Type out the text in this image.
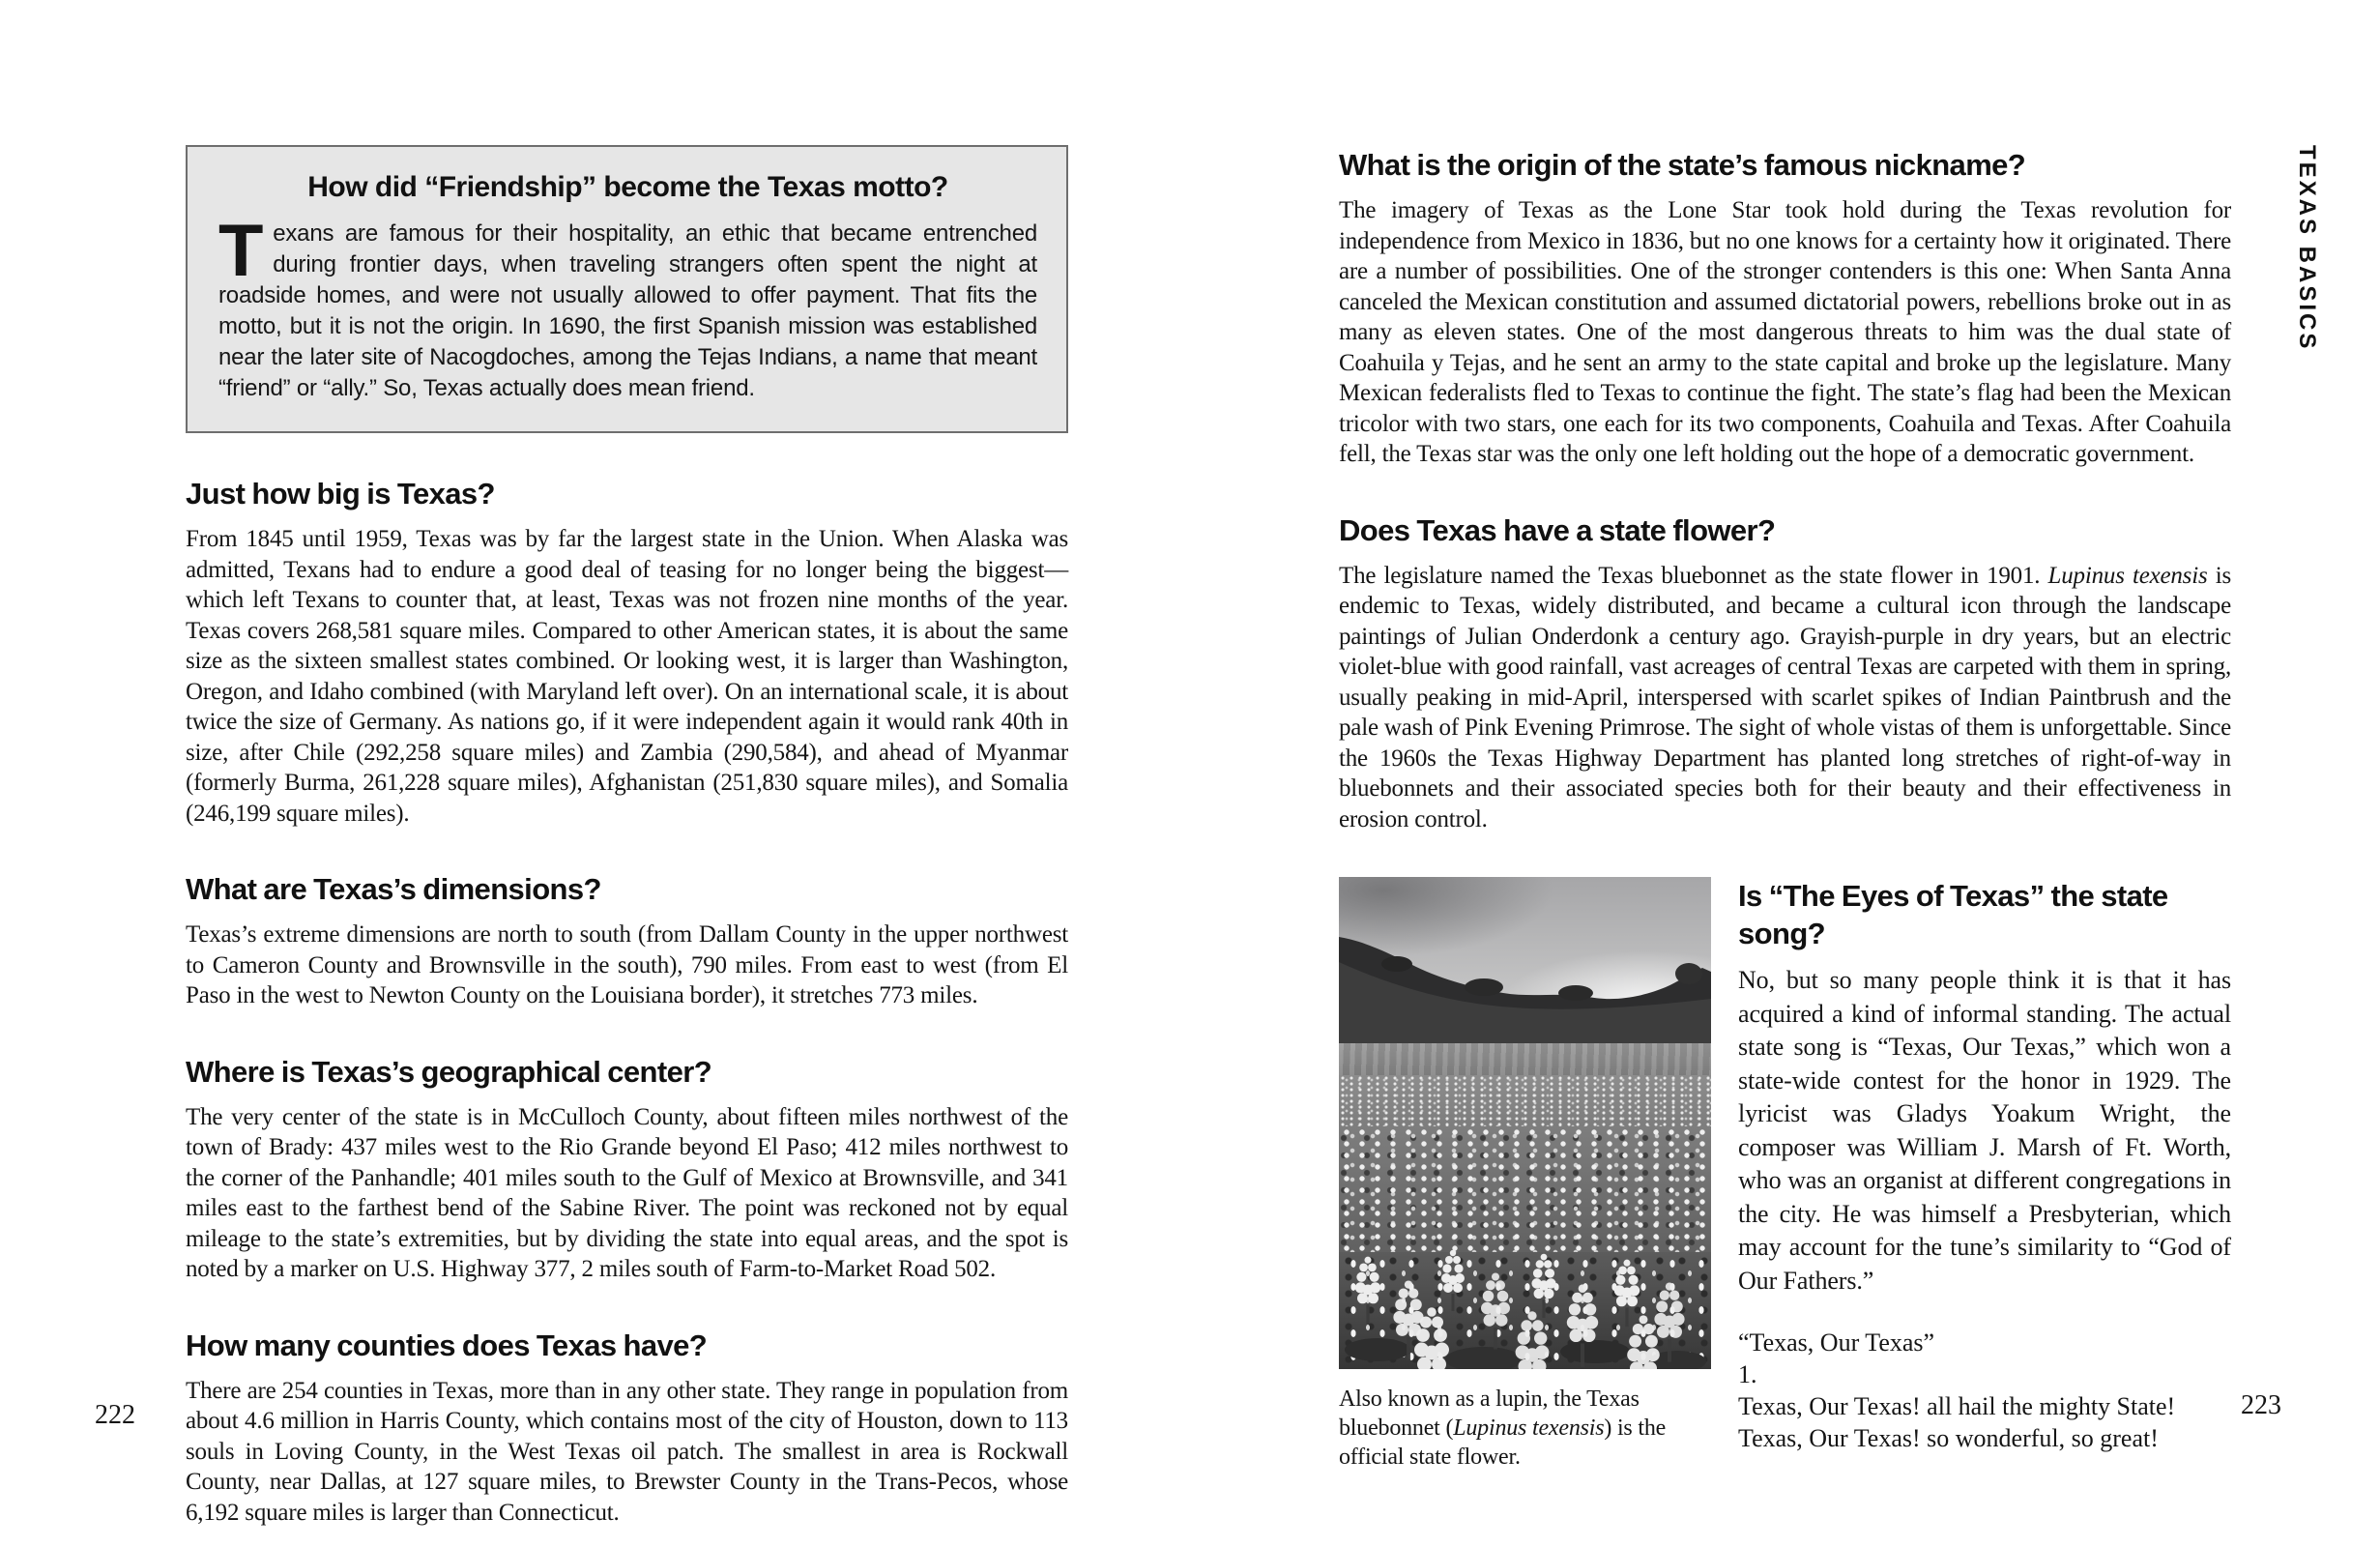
How did “Friendship” become the Texas motto?

Texans are famous for their hospitality, an ethic that became entrenched during frontier days, when traveling strangers often spent the night at roadside homes, and were not usually allowed to offer payment. That fits the motto, but it is not the origin. In 1690, the first Spanish mission was established near the later site of Nacogdoches, among the Tejas Indians, a name that meant “friend” or “ally.” So, Texas actually does mean friend.

Just how big is Texas?

From 1845 until 1959, Texas was by far the largest state in the Union. When Alaska was admitted, Texans had to endure a good deal of teasing for no longer being the biggest—which left Texans to counter that, at least, Texas was not frozen nine months of the year. Texas covers 268,581 square miles. Compared to other American states, it is about the same size as the sixteen smallest states combined. Or looking west, it is larger than Washington, Oregon, and Idaho combined (with Maryland left over). On an international scale, it is about twice the size of Germany. As nations go, if it were independent again it would rank 40th in size, after Chile (292,258 square miles) and Zambia (290,584), and ahead of Myanmar (formerly Burma, 261,228 square miles), Afghanistan (251,830 square miles), and Somalia (246,199 square miles).

What are Texas’s dimensions?

Texas’s extreme dimensions are north to south (from Dallam County in the upper northwest to Cameron County and Brownsville in the south), 790 miles. From east to west (from El Paso in the west to Newton County on the Louisiana border), it stretches 773 miles.

Where is Texas’s geographical center?

The very center of the state is in McCulloch County, about fifteen miles northwest of the town of Brady: 437 miles west to the Rio Grande beyond El Paso; 412 miles northwest to the corner of the Panhandle; 401 miles south to the Gulf of Mexico at Brownsville, and 341 miles east to the farthest bend of the Sabine River. The point was reckoned not by equal mileage to the state’s extremities, but by dividing the state into equal areas, and the spot is noted by a marker on U.S. Highway 377, 2 miles south of Farm-to-Market Road 502.

How many counties does Texas have?

There are 254 counties in Texas, more than in any other state. They range in population from about 4.6 million in Harris County, which contains most of the city of Houston, down to 113 souls in Loving County, in the West Texas oil patch. The smallest in area is Rockwall County, near Dallas, at 127 square miles, to Brewster County in the Trans-Pecos, whose 6,192 square miles is larger than Connecticut.

222
What is the origin of the state’s famous nickname?

The imagery of Texas as the Lone Star took hold during the Texas revolution for independence from Mexico in 1836, but no one knows for a certainty how it originated. There are a number of possibilities. One of the stronger contenders is this one: When Santa Anna canceled the Mexican constitution and assumed dictatorial powers, rebellions broke out in as many as eleven states. One of the most dangerous threats to him was the dual state of Coahuila y Tejas, and he sent an army to the state capital and broke up the legislature. Many Mexican federalists fled to Texas to continue the fight. The state’s flag had been the Mexican tricolor with two stars, one each for its two components, Coahuila and Texas. After Coahuila fell, the Texas star was the only one left holding out the hope of a democratic government.

Does Texas have a state flower?

The legislature named the Texas bluebonnet as the state flower in 1901. Lupinus texensis is endemic to Texas, widely distributed, and became a cultural icon through the landscape paintings of Julian Onderdonk a century ago. Grayish-purple in dry years, but an electric violet-blue with good rainfall, vast acreages of central Texas are carpeted with them in spring, usually peaking in mid-April, interspersed with scarlet spikes of Indian Paintbrush and the pale wash of Pink Evening Primrose. The sight of whole vistas of them is unforgettable. Since the 1960s the Texas Highway Department has planted long stretches of right-of-way in bluebonnets and their associated species both for their beauty and their effectiveness in erosion control.

Also known as a lupin, the Texas bluebonnet (Lupinus texensis) is the official state flower.

Is “The Eyes of Texas” the state song?

No, but so many people think it is that it has acquired a kind of informal standing. The actual state song is “Texas, Our Texas,” which won a state-wide contest for the honor in 1929. The lyricist was Gladys Yoakum Wright, the composer was William J. Marsh of Ft. Worth, who was an organist at different congregations in the city. He was himself a Presbyterian, which may account for the tune’s similarity to “God of Our Fathers.”

“Texas, Our Texas”
1.
Texas, Our Texas! all hail the mighty State!
Texas, Our Texas! so wonderful, so great!
223
TEXAS BASICS
